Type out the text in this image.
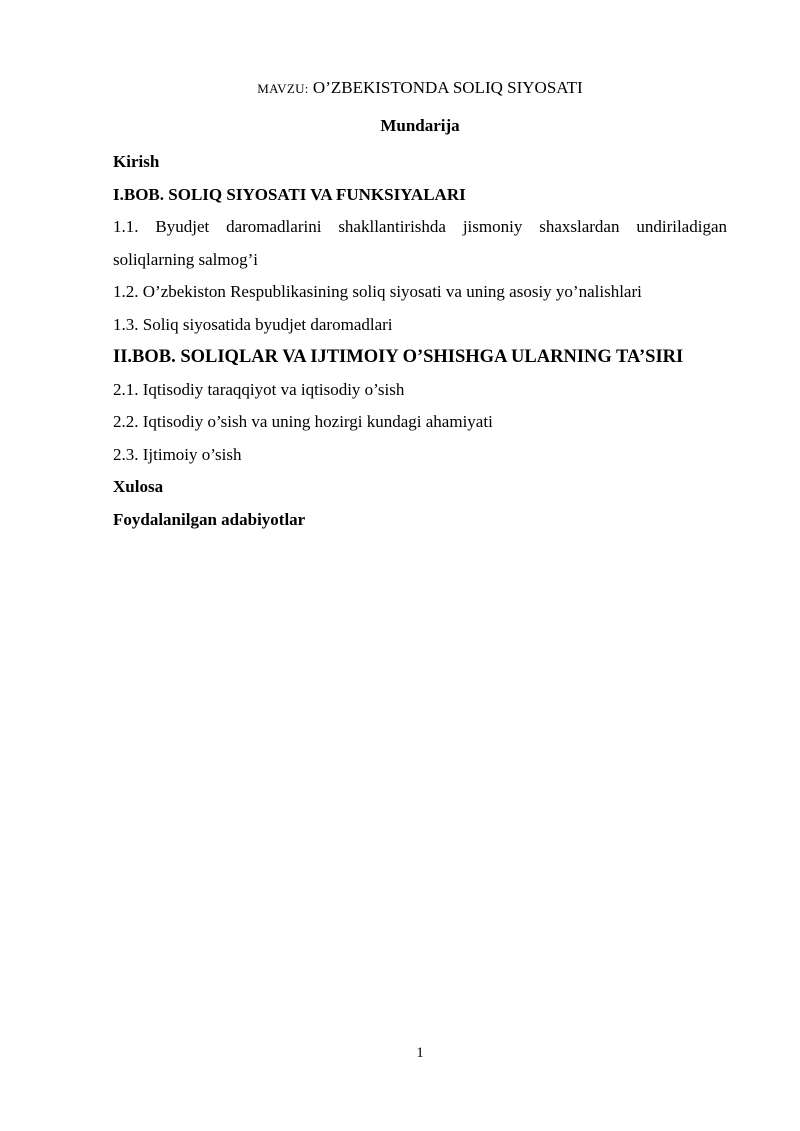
MAVZU: O’ZBEKISTONDA SOLIQ SIYOSATI
Mundarija
Kirish
I.BOB. SOLIQ SIYOSATI VA FUNKSIYALARI
1.1. Byudjet daromadlarini shakllantirishda jismoniy shaxslardan undiriladigan soliqlarning salmog’i
1.2. O’zbekiston Respublikasining soliq siyosati va uning asosiy yo’nalishlari
1.3. Soliq siyosatida byudjet daromadlari
II.BOB. SOLIQLAR VA IJTIMOIY O’SHISHGA ULARNING TA’SIRI
2.1. Iqtisodiy taraqqiyot va iqtisodiy o’sish
2.2. Iqtisodiy o’sish va uning hozirgi kundagi ahamiyati
2.3. Ijtimoiy o’sish
Xulosa
Foydalanilgan adabiyotlar
1
